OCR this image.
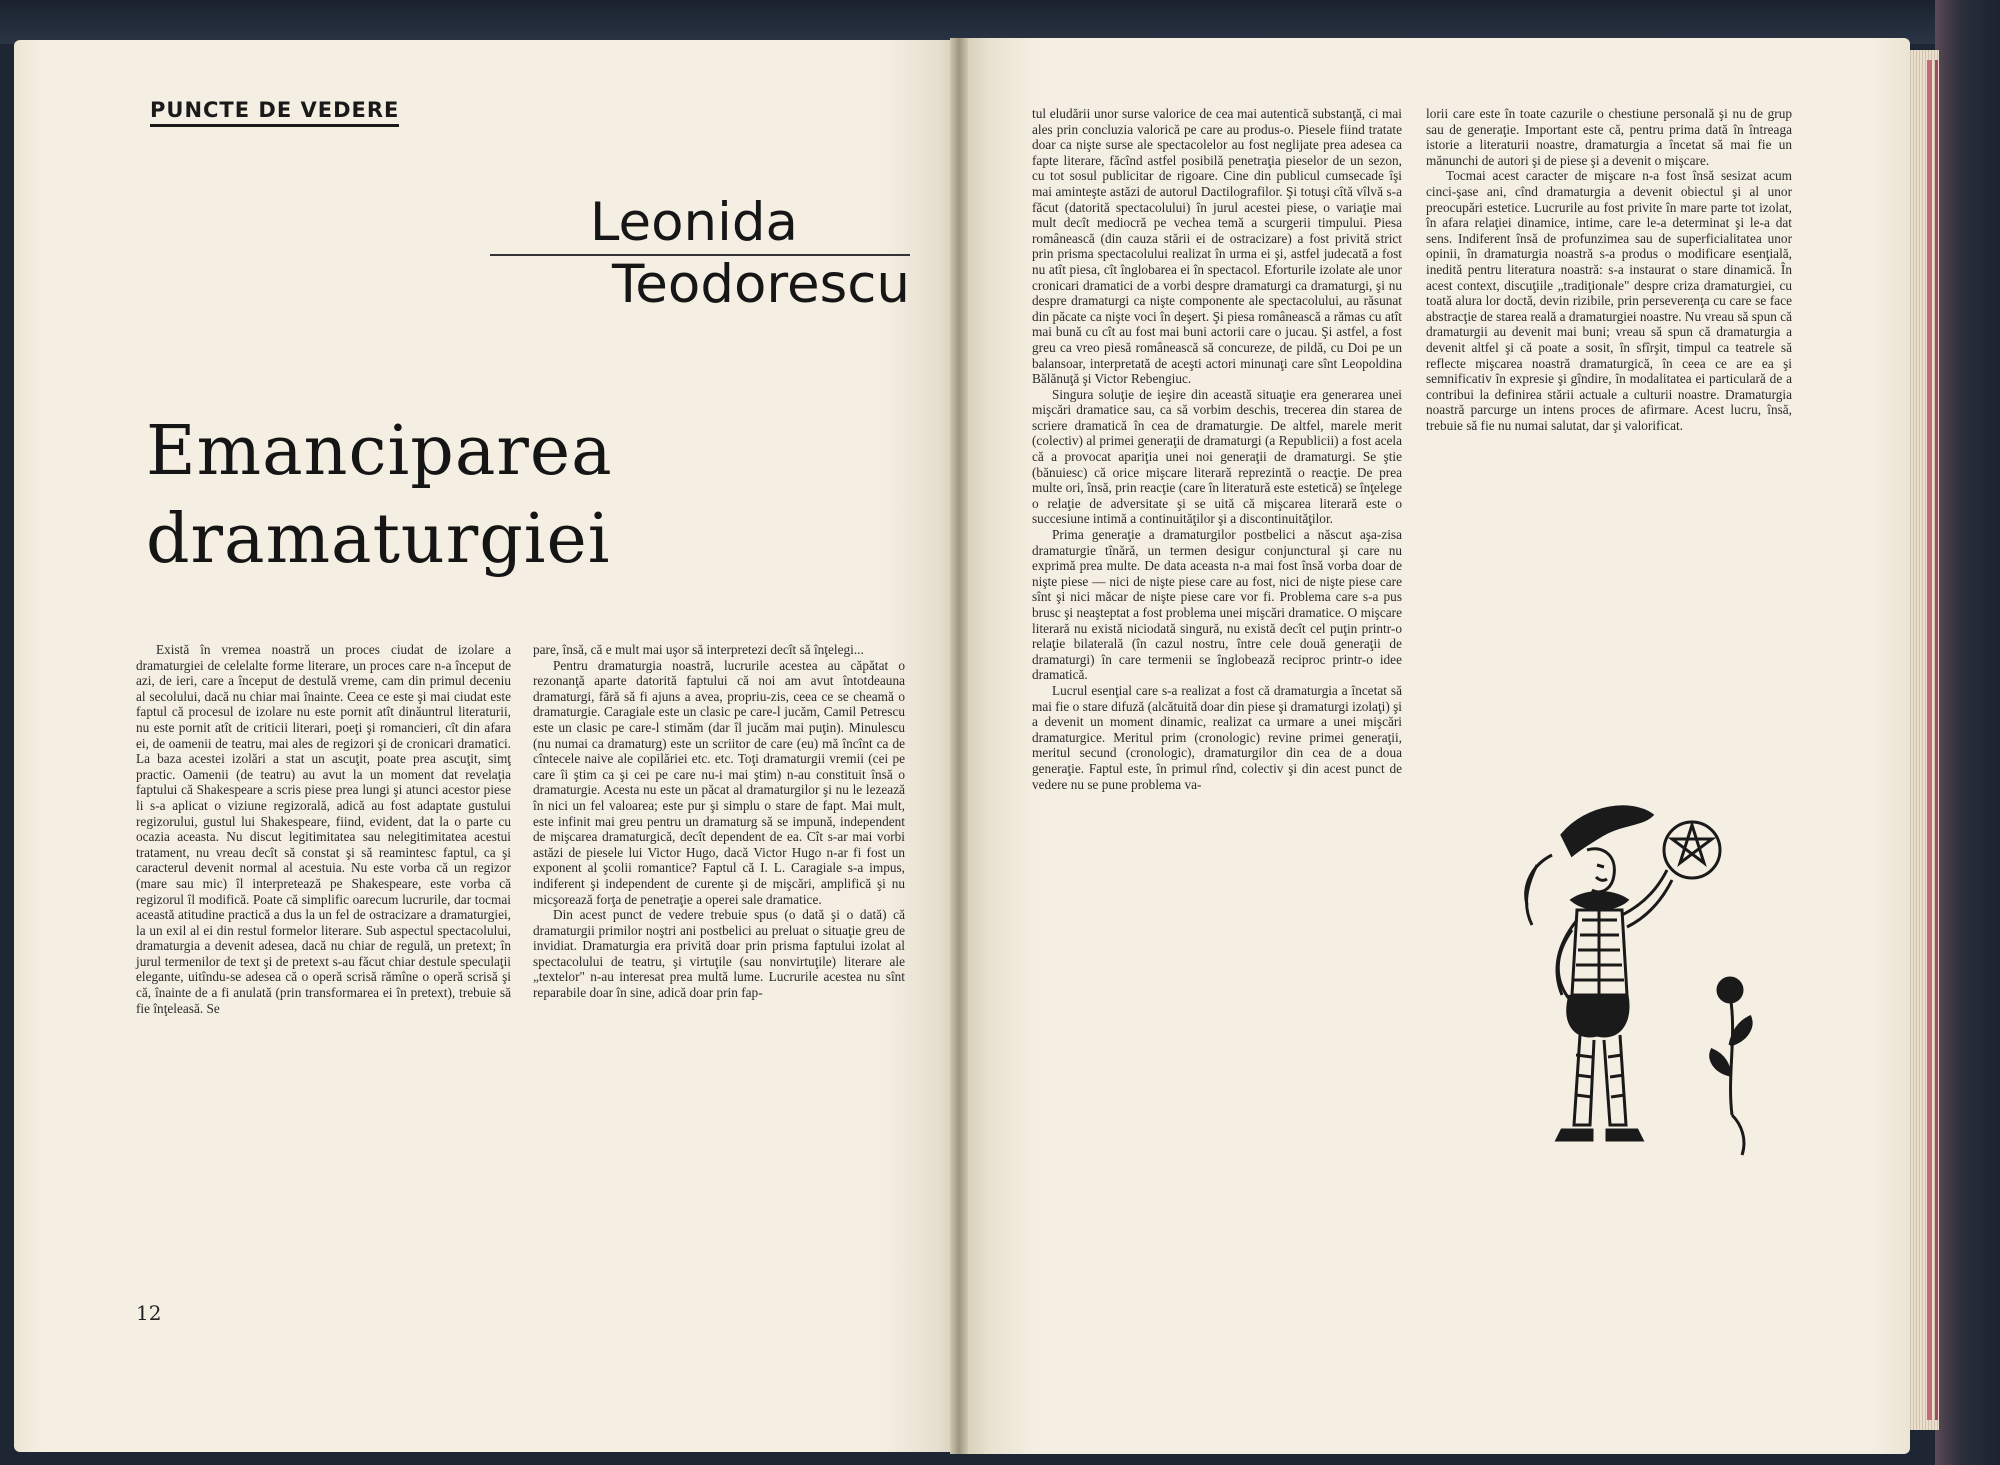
PUNCTE DE VEDERE
Leonida
Teodorescu
Emanciparea
dramaturgiei

Există în vremea noastră un proces ciudat de izolare a dramaturgiei de celelalte forme literare, un proces care n-a început de azi, de ieri, care a început de destulă vreme, cam din primul deceniu al secolului, dacă nu chiar mai înainte. Ceea ce este şi mai ciudat este faptul că procesul de izolare nu este pornit atît dinăuntrul literaturii, nu este pornit atît de criticii literari, poeţi şi romancieri, cît din afara ei, de oamenii de teatru, mai ales de regizori şi de cronicari dramatici. La baza acestei izolări a stat un ascuţit, poate prea ascuţit, simţ practic. Oamenii (de teatru) au avut la un moment dat revelaţia faptului că Shakespeare a scris piese prea lungi şi atunci acestor piese li s-a aplicat o viziune regizorală, adică au fost adaptate gustului regizorului, gustul lui Shakespeare, fiind, evident, dat la o parte cu ocazia aceasta. Nu discut legitimitatea sau nelegitimitatea acestui tratament, nu vreau decît să constat şi să reamintesc faptul, ca şi caracterul devenit normal al acestuia. Nu este vorba că un regizor (mare sau mic) îl interpretează pe Shakespeare, este vorba că regizorul îl modifică. Poate că simplific oarecum lucrurile, dar tocmai această atitudine practică a dus la un fel de ostracizare a dramaturgiei, la un exil al ei din restul formelor literare. Sub aspectul spectacolului, dramaturgia a devenit adesea, dacă nu chiar de regulă, un pretext; în jurul termenilor de text şi de pretext s-au făcut chiar destule speculaţii elegante, uitîndu-se adesea că o operă scrisă rămîne o operă scrisă şi că, înainte de a fi anulată (prin transformarea ei în pretext), trebuie să fie înţeleasă. Se

pare, însă, că e mult mai uşor să interpretezi decît să înţelegi...

Pentru dramaturgia noastră, lucrurile acestea au căpătat o rezonanţă aparte datorită faptului că noi am avut întotdeauna dramaturgi, fără să fi ajuns a avea, propriu-zis, ceea ce se cheamă o dramaturgie. Caragiale este un clasic pe care-l jucăm, Camil Petrescu este un clasic pe care-l stimăm (dar îl jucăm mai puţin). Minulescu (nu numai ca dramaturg) este un scriitor de care (eu) mă încînt ca de cîntecele naive ale copilăriei etc. etc. Toţi dramaturgii vremii (cei pe care îi ştim ca şi cei pe care nu-i mai ştim) n-au constituit însă o dramaturgie. Acesta nu este un păcat al dramaturgilor şi nu le lezează în nici un fel valoarea; este pur şi simplu o stare de fapt. Mai mult, este infinit mai greu pentru un dramaturg să se impună, independent de mişcarea dramaturgică, decît dependent de ea. Cît s-ar mai vorbi astăzi de piesele lui Victor Hugo, dacă Victor Hugo n-ar fi fost un exponent al şcolii romantice? Faptul că I. L. Caragiale s-a impus, indiferent şi independent de curente şi de mişcări, amplifică şi nu micşorează forţa de penetraţie a operei sale dramatice.

Din acest punct de vedere trebuie spus (o dată şi o dată) că dramaturgii primilor noştri ani postbelici au preluat o situaţie greu de invidiat. Dramaturgia era privită doar prin prisma faptului izolat al spectacolului de teatru, şi virtuţile (sau nonvirtuţile) literare ale „textelor" n-au interesat prea multă lume. Lucrurile acestea nu sînt reparabile doar în sine, adică doar prin fap-

12

tul eludării unor surse valorice de cea mai autentică substanţă, ci mai ales prin concluzia valorică pe care au produs-o. Piesele fiind tratate doar ca nişte surse ale spectacolelor au fost neglijate prea adesea ca fapte literare, făcînd astfel posibilă penetraţia pieselor de un sezon, cu tot sosul publicitar de rigoare. Cine din publicul cumsecade îşi mai aminteşte astăzi de autorul Dactilografilor. Şi totuşi cîtă vîlvă s-a făcut (datorită spectacolului) în jurul acestei piese, o variaţie mai mult decît mediocră pe vechea temă a scurgerii timpului. Piesa românească (din cauza stării ei de ostracizare) a fost privită strict prin prisma spectacolului realizat în urma ei şi, astfel judecată a fost nu atît piesa, cît înglobarea ei în spectacol. Eforturile izolate ale unor cronicari dramatici de a vorbi despre dramaturgi ca dramaturgi, şi nu despre dramaturgi ca nişte componente ale spectacolului, au răsunat din păcate ca nişte voci în deşert. Şi piesa românească a rămas cu atît mai bună cu cît au fost mai buni actorii care o jucau. Şi astfel, a fost greu ca vreo piesă românească să concureze, de pildă, cu Doi pe un balansoar, interpretată de aceşti actori minunaţi care sînt Leopoldina Bălănuţă şi Victor Rebengiuc.

Singura soluţie de ieşire din această situaţie era generarea unei mişcări dramatice sau, ca să vorbim deschis, trecerea din starea de scriere dramatică în cea de dramaturgie. De altfel, marele merit (colectiv) al primei generaţii de dramaturgi (a Republicii) a fost acela că a provocat apariţia unei noi generaţii de dramaturgi. Se ştie (bănuiesc) că orice mişcare literară reprezintă o reacţie. De prea multe ori, însă, prin reacţie (care în literatură este estetică) se înţelege o relaţie de adversitate şi se uită că mişcarea literară este o succesiune intimă a continuităţilor şi a discontinuităţilor.

Prima generaţie a dramaturgilor postbelici a născut aşa-zisa dramaturgie tînără, un termen desigur conjunctural şi care nu exprimă prea multe. De data aceasta n-a mai fost însă vorba doar de nişte piese — nici de nişte piese care au fost, nici de nişte piese care sînt şi nici măcar de nişte piese care vor fi. Problema care s-a pus brusc şi neaşteptat a fost problema unei mişcări dramatice. O mişcare literară nu există niciodată singură, nu există decît cel puţin printr-o relaţie bilaterală (în cazul nostru, între cele două generaţii de dramaturgi) în care termenii se înglobează reciproc printr-o idee dramatică.

Lucrul esenţial care s-a realizat a fost că dramaturgia a încetat să mai fie o stare difuză (alcătuită doar din piese şi dramaturgi izolaţi) şi a devenit un moment dinamic, realizat ca urmare a unei mişcări dramaturgice. Meritul prim (cronologic) revine primei generaţii, meritul secund (cronologic), dramaturgilor din cea de a doua generaţie. Faptul este, în primul rînd, colectiv şi din acest punct de vedere nu se pune problema va-

lorii care este în toate cazurile o chestiune personală şi nu de grup sau de generaţie. Important este că, pentru prima dată în întreaga istorie a literaturii noastre, dramaturgia a încetat să mai fie un mănunchi de autori şi de piese şi a devenit o mişcare.

Tocmai acest caracter de mişcare n-a fost însă sesizat acum cinci-şase ani, cînd dramaturgia a devenit obiectul şi al unor preocupări estetice. Lucrurile au fost privite în mare parte tot izolat, în afara relaţiei dinamice, intime, care le-a determinat şi le-a dat sens. Indiferent însă de profunzimea sau de superficialitatea unor opinii, în dramaturgia noastră s-a produs o modificare esenţială, inedită pentru literatura noastră: s-a instaurat o stare dinamică. În acest context, discuţiile „tradiţionale" despre criza dramaturgiei, cu toată alura lor doctă, devin rizibile, prin perseverenţa cu care se face abstracţie de starea reală a dramaturgiei noastre. Nu vreau să spun că dramaturgii au devenit mai buni; vreau să spun că dramaturgia a devenit altfel şi că poate a sosit, în sfîrşit, timpul ca teatrele să reflecte mişcarea noastră dramaturgică, în ceea ce are ea şi semnificativ în expresie şi gîndire, în modalitatea ei particulară de a contribui la definirea stării actuale a culturii noastre. Dramaturgia noastră parcurge un intens proces de afirmare. Acest lucru, însă, trebuie să fie nu numai salutat, dar şi valorificat.
